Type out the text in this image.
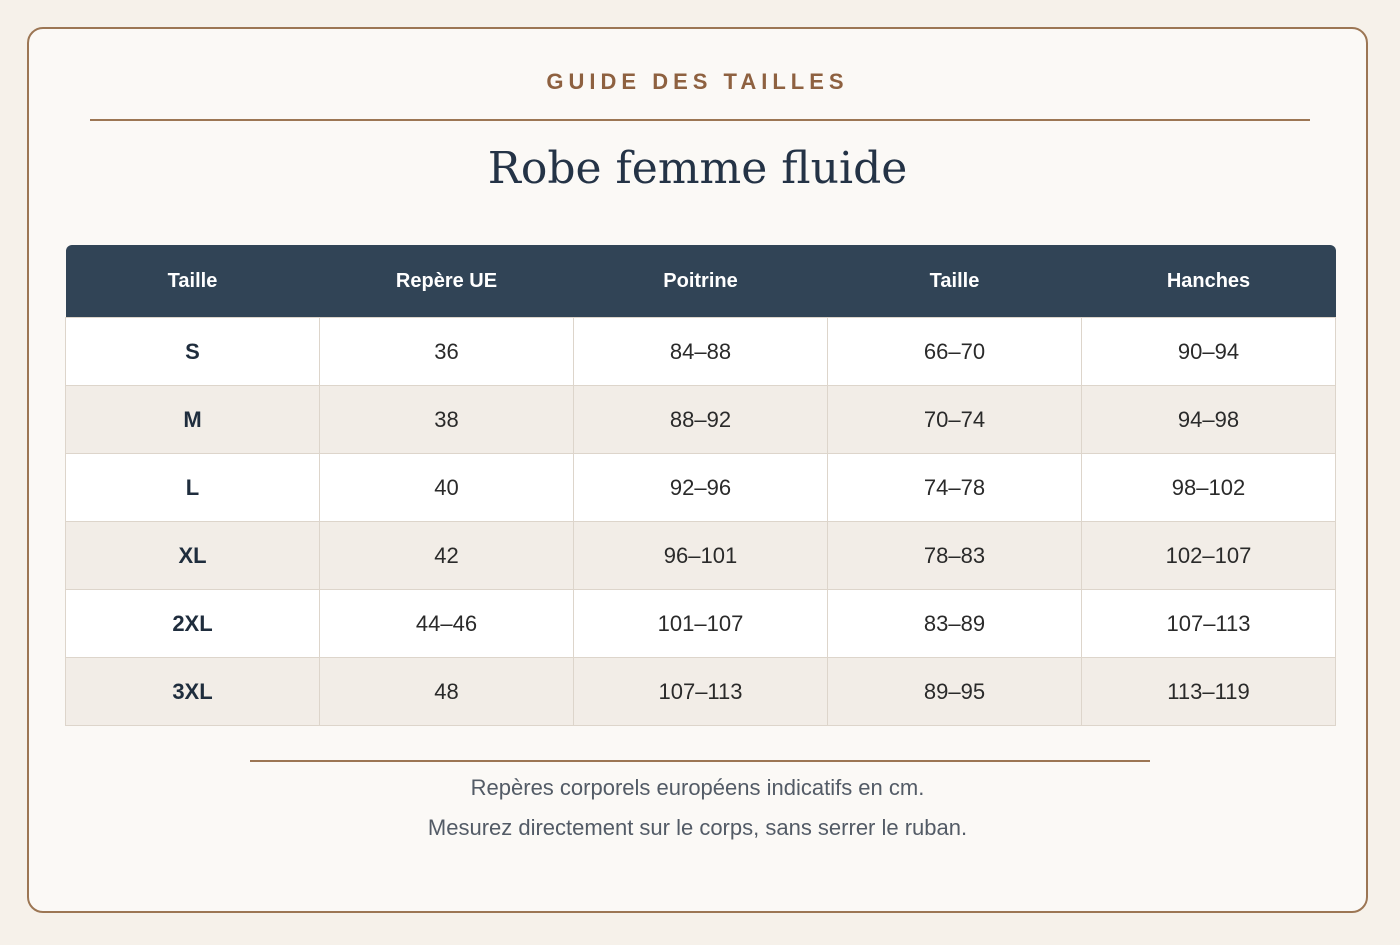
GUIDE DES TAILLES
Robe femme fluide
Taille	Repère UE	Poitrine	Taille	Hanches
S	36	84–88	66–70	90–94
M	38	88–92	70–74	94–98
L	40	92–96	74–78	98–102
XL	42	96–101	78–83	102–107
2XL	44–46	101–107	83–89	107–113
3XL	48	107–113	89–95	113–119

Repères corporels européens indicatifs en cm.

Mesurez directement sur le corps, sans serrer le ruban.
